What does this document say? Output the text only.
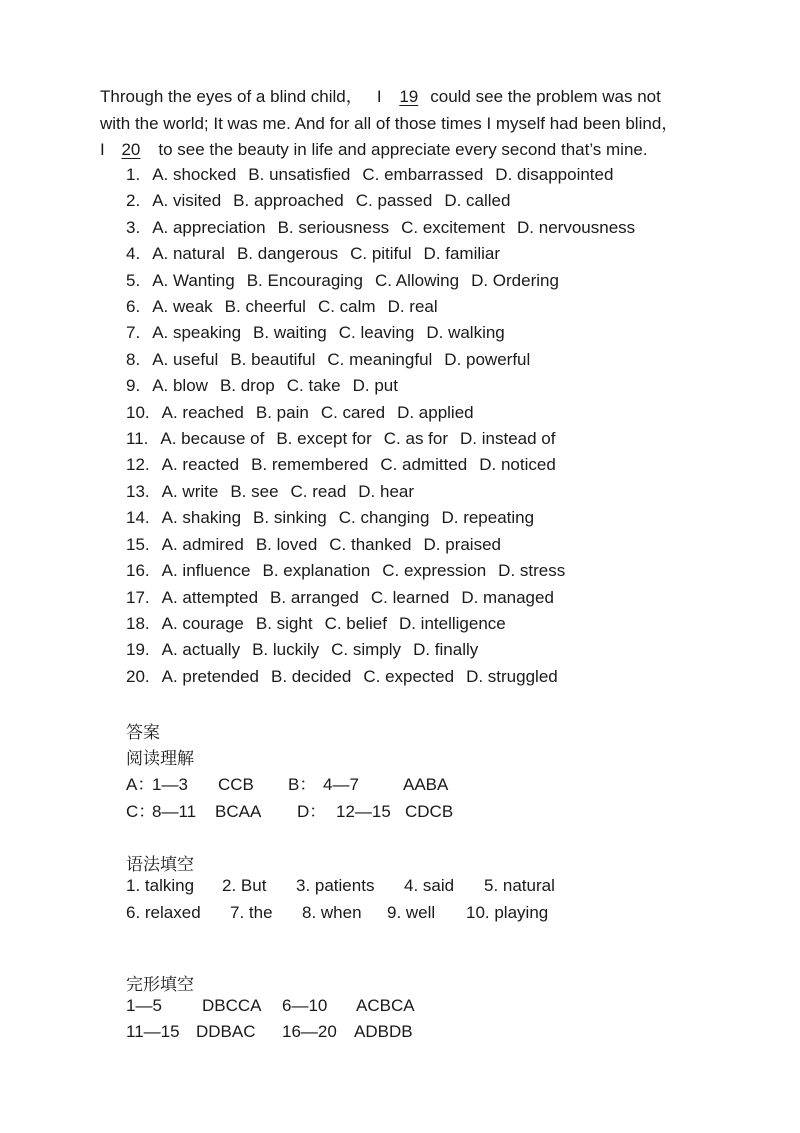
Through the eyes of a blind child，   I 19 could see the problem was not
with the world; It was me. And for all of those times I myself had been blind，
I 20 to see the beauty in life and appreciate every second that’s mine.
1. A. shocked B. unsatisfied C. embarrassed D. disappointed
2. A. visited B. approached C. passed D. called
3. A. appreciation B. seriousness C. excitement D. nervousness
4. A. natural B. dangerous C. pitiful D. familiar
5. A. Wanting B. Encouraging C. Allowing D. Ordering
6. A. weak B. cheerful C. calm D. real
7. A. speaking B. waiting C. leaving D. walking
8. A. useful B. beautiful C. meaningful D. powerful
9. A. blow B. drop C. take D. put
10. A. reached B. pain C. cared D. applied
11. A. because of B. except for C. as for D. instead of
12. A. reacted B. remembered C. admitted D. noticed
13. A. write B. see C. read D. hear
14. A. shaking B. sinking C. changing D. repeating
15. A. admired B. loved C. thanked D. praised
16. A. influence B. explanation C. expression D. stress
17. A. attempted B. arranged C. learned D. managed
18. A. courage B. sight C. belief D. intelligence
19. A. actually B. luckily C. simply D. finally
20. A. pretended B. decided C. expected D. struggled
答案
阅读理解
A：1—3 CCB B： 4—7	AABA
C：8—11 BCAA D： 12—15 CDCB
语法填空
1. talking 2. But 3. patients 4. said 5. natural
6. relaxed 7. the 8. when 9. well 10. playing
完形填空
1—5 DBCCA 6—10 ACBCA
11—15 DDBAC 16—20 ADBDB
